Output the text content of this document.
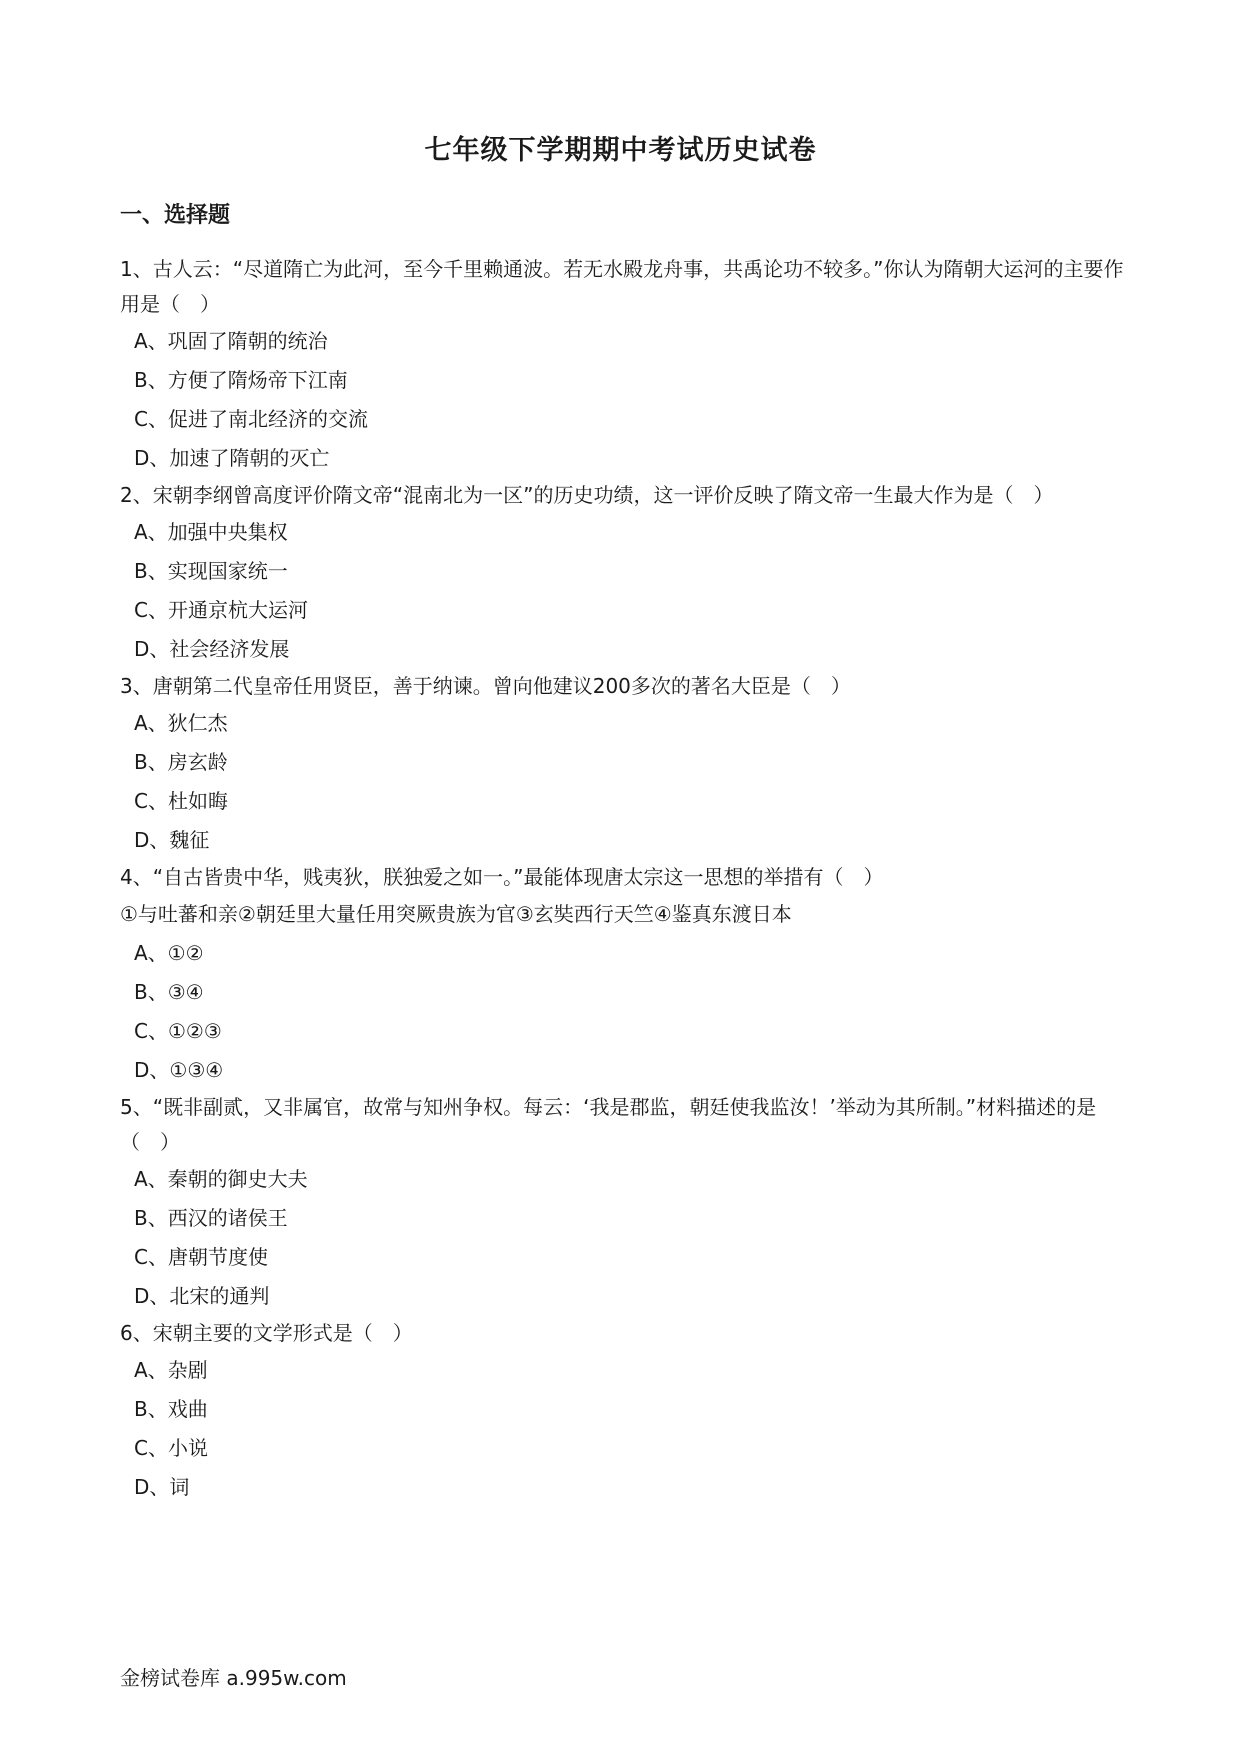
七年级下学期期中考试历史试卷
一、选择题

1、古人云：“尽道隋亡为此河，至今千里赖通波。若无水殿龙舟事，共禹论功不较多。”你认为隋朝大运河的主要作用是（　）

A、巩固了隋朝的统治
B、方便了隋炀帝下江南
C、促进了南北经济的交流
D、加速了隋朝的灭亡

2、宋朝李纲曾高度评价隋文帝“混南北为一区”的历史功绩，这一评价反映了隋文帝一生最大作为是（　）

A、加强中央集权
B、实现国家统一
C、开通京杭大运河
D、社会经济发展

3、唐朝第二代皇帝任用贤臣，善于纳谏。曾向他建议200多次的著名大臣是（　）

A、狄仁杰
B、房玄龄
C、杜如晦
D、魏征

4、“自古皆贵中华，贱夷狄，朕独爱之如一。”最能体现唐太宗这一思想的举措有（　）

①与吐蕃和亲②朝廷里大量任用突厥贵族为官③玄奘西行天竺④鉴真东渡日本

A、①②
B、③④
C、①②③
D、①③④

5、“既非副贰，又非属官，故常与知州争权。每云：‘我是郡监，朝廷使我监汝！’举动为其所制。”材料描述的是（　）

A、秦朝的御史大夫
B、西汉的诸侯王
C、唐朝节度使
D、北宋的通判

6、宋朝主要的文学形式是（　）

A、杂剧
B、戏曲
C、小说
D、词
金榜试卷库 a.995w.com
